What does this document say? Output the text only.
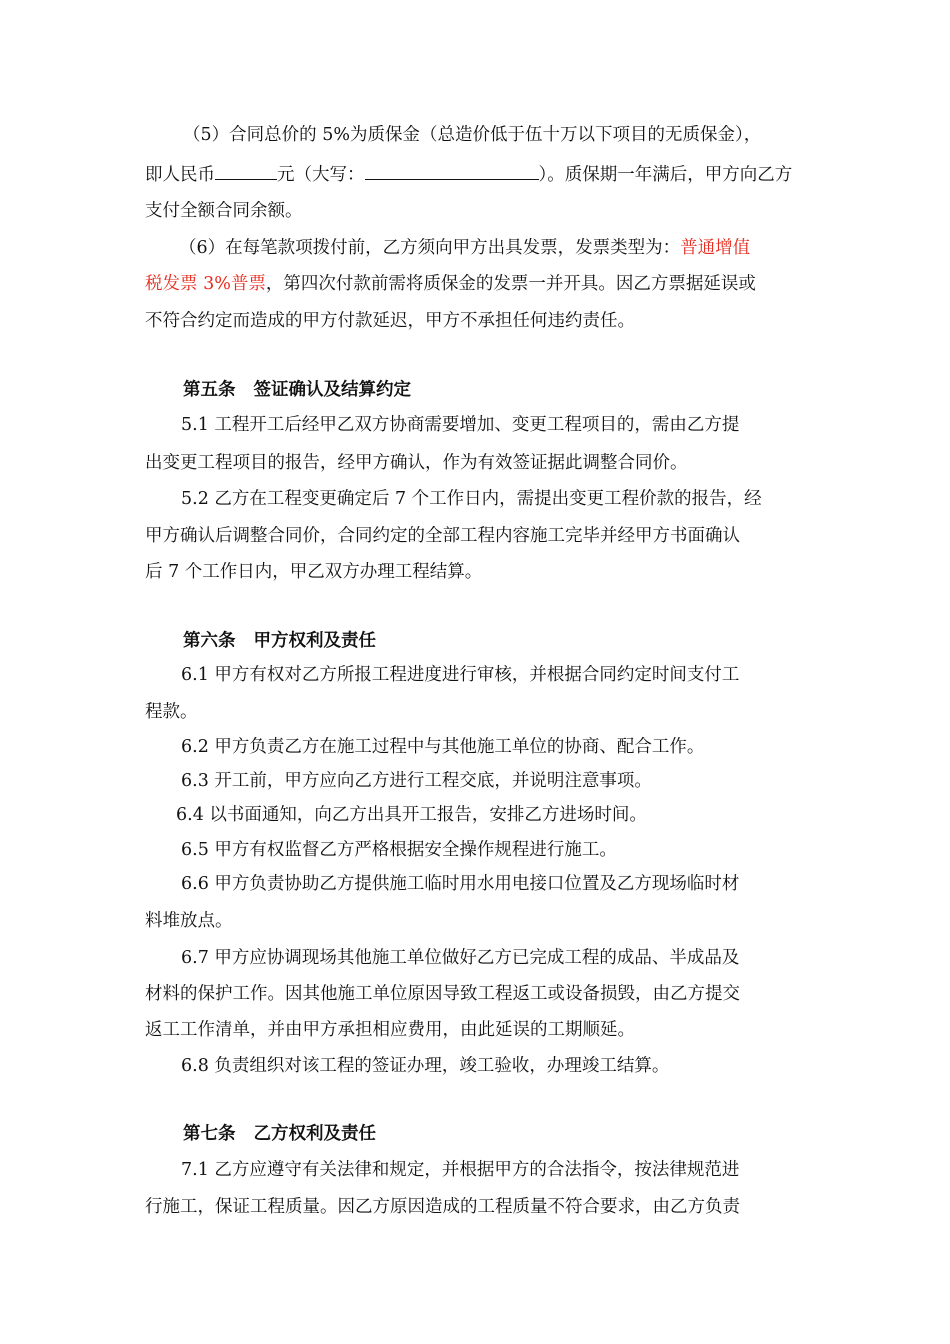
（5）合同总价的 5%为质保金（总造价低于伍十万以下项目的无质保金），
即人民币	元（大写：	）。质保期一年满后，甲方向乙方
支付全额合同余额。
（6）在每笔款项拨付前，乙方须向甲方出具发票，发票类型为：普通增值
税发票 3%普票，第四次付款前需将质保金的发票一并开具。因乙方票据延误或
不符合约定而造成的甲方付款延迟，甲方不承担任何违约责任。
第五条 签证确认及结算约定
5.1 工程开工后经甲乙双方协商需要增加、变更工程项目的，需由乙方提
出变更工程项目的报告，经甲方确认，作为有效签证据此调整合同价。
5.2 乙方在工程变更确定后 7 个工作日内，需提出变更工程价款的报告，经
甲方确认后调整合同价，合同约定的全部工程内容施工完毕并经甲方书面确认
后 7 个工作日内，甲乙双方办理工程结算。
第六条 甲方权利及责任
6.1 甲方有权对乙方所报工程进度进行审核，并根据合同约定时间支付工
程款。
6.2 甲方负责乙方在施工过程中与其他施工单位的协商、配合工作。
6.3 开工前，甲方应向乙方进行工程交底，并说明注意事项。
6.4 以书面通知，向乙方出具开工报告，安排乙方进场时间。
6.5 甲方有权监督乙方严格根据安全操作规程进行施工。
6.6 甲方负责协助乙方提供施工临时用水用电接口位置及乙方现场临时材
料堆放点。
6.7 甲方应协调现场其他施工单位做好乙方已完成工程的成品、半成品及
材料的保护工作。因其他施工单位原因导致工程返工或设备损毁，由乙方提交
返工工作清单，并由甲方承担相应费用，由此延误的工期顺延。
6.8 负责组织对该工程的签证办理，竣工验收，办理竣工结算。
第七条 乙方权利及责任
7.1 乙方应遵守有关法律和规定，并根据甲方的合法指令，按法律规范进
行施工，保证工程质量。因乙方原因造成的工程质量不符合要求，由乙方负责
